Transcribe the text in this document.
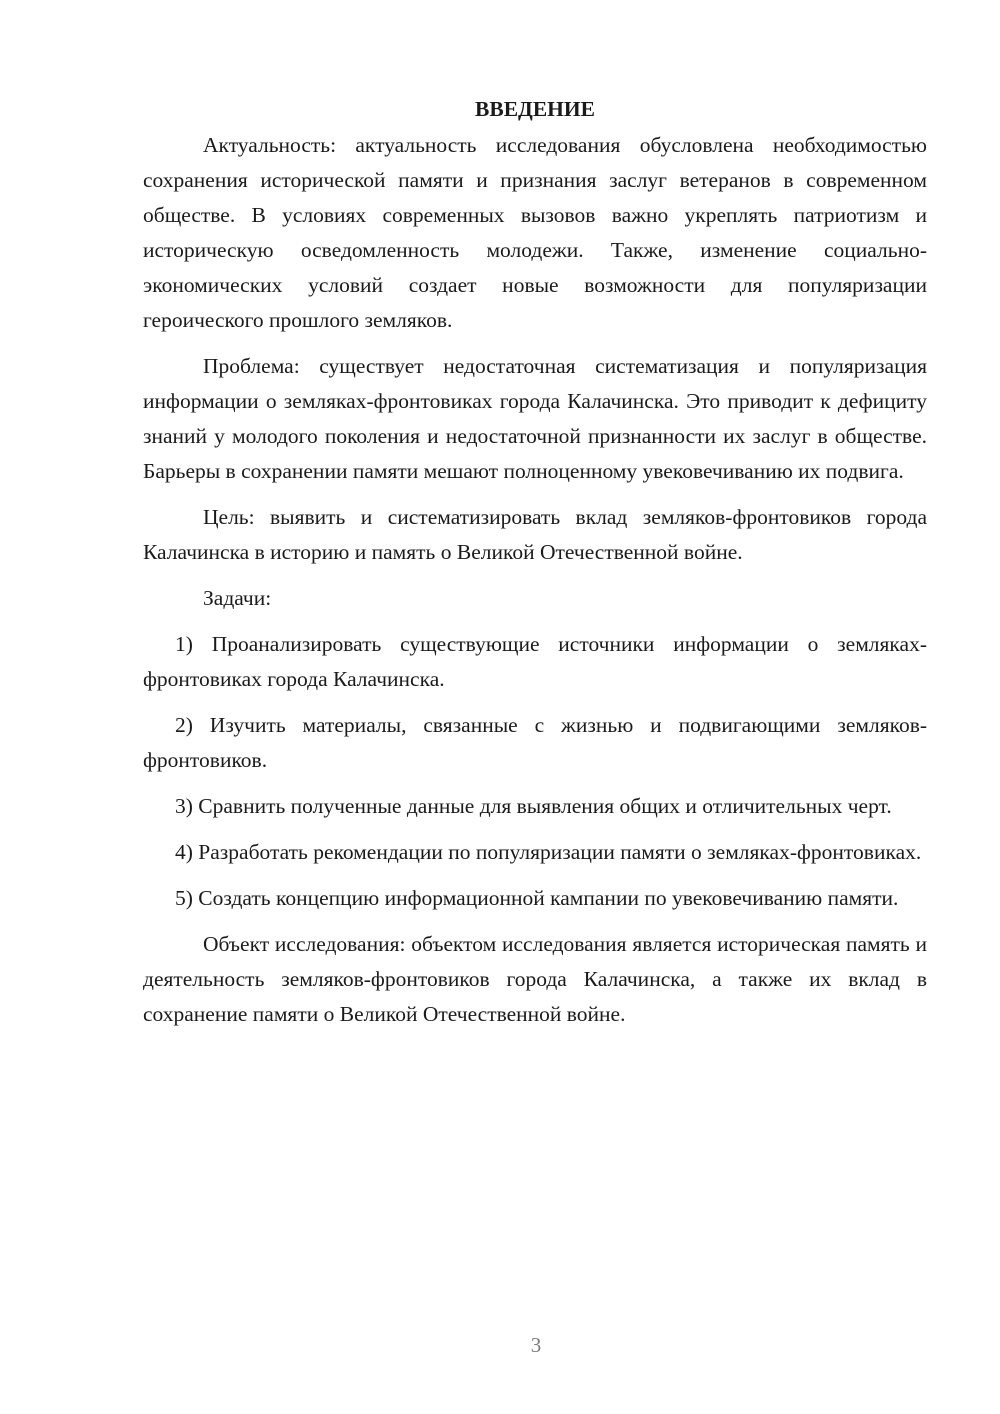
ВВЕДЕНИЕ

Актуальность: актуальность исследования обусловлена необходимостью сохранения исторической памяти и признания заслуг ветеранов в современном обществе. В условиях современных вызовов важно укреплять патриотизм и историческую осведомленность молодежи. Также, изменение социально-экономических условий создает новые возможности для популяризации героического прошлого земляков.

Проблема: существует недостаточная систематизация и популяризация информации о земляках-фронтовиках города Калачинска. Это приводит к дефициту знаний у молодого поколения и недостаточной признанности их заслуг в обществе. Барьеры в сохранении памяти мешают полноценному увековечиванию их подвига.

Цель: выявить и систематизировать вклад земляков-фронтовиков города Калачинска в историю и память о Великой Отечественной войне.

Задачи:

1) Проанализировать существующие источники информации о земляках-фронтовиках города Калачинска.

2) Изучить материалы, связанные с жизнью и подвигающими земляков-фронтовиков.

3) Сравнить полученные данные для выявления общих и отличительных черт.

4) Разработать рекомендации по популяризации памяти о земляках-фронтовиках.

5) Создать концепцию информационной кампании по увековечиванию памяти.

Объект исследования: объектом исследования является историческая память и деятельность земляков-фронтовиков города Калачинска, а также их вклад в сохранение памяти о Великой Отечественной войне.

3
